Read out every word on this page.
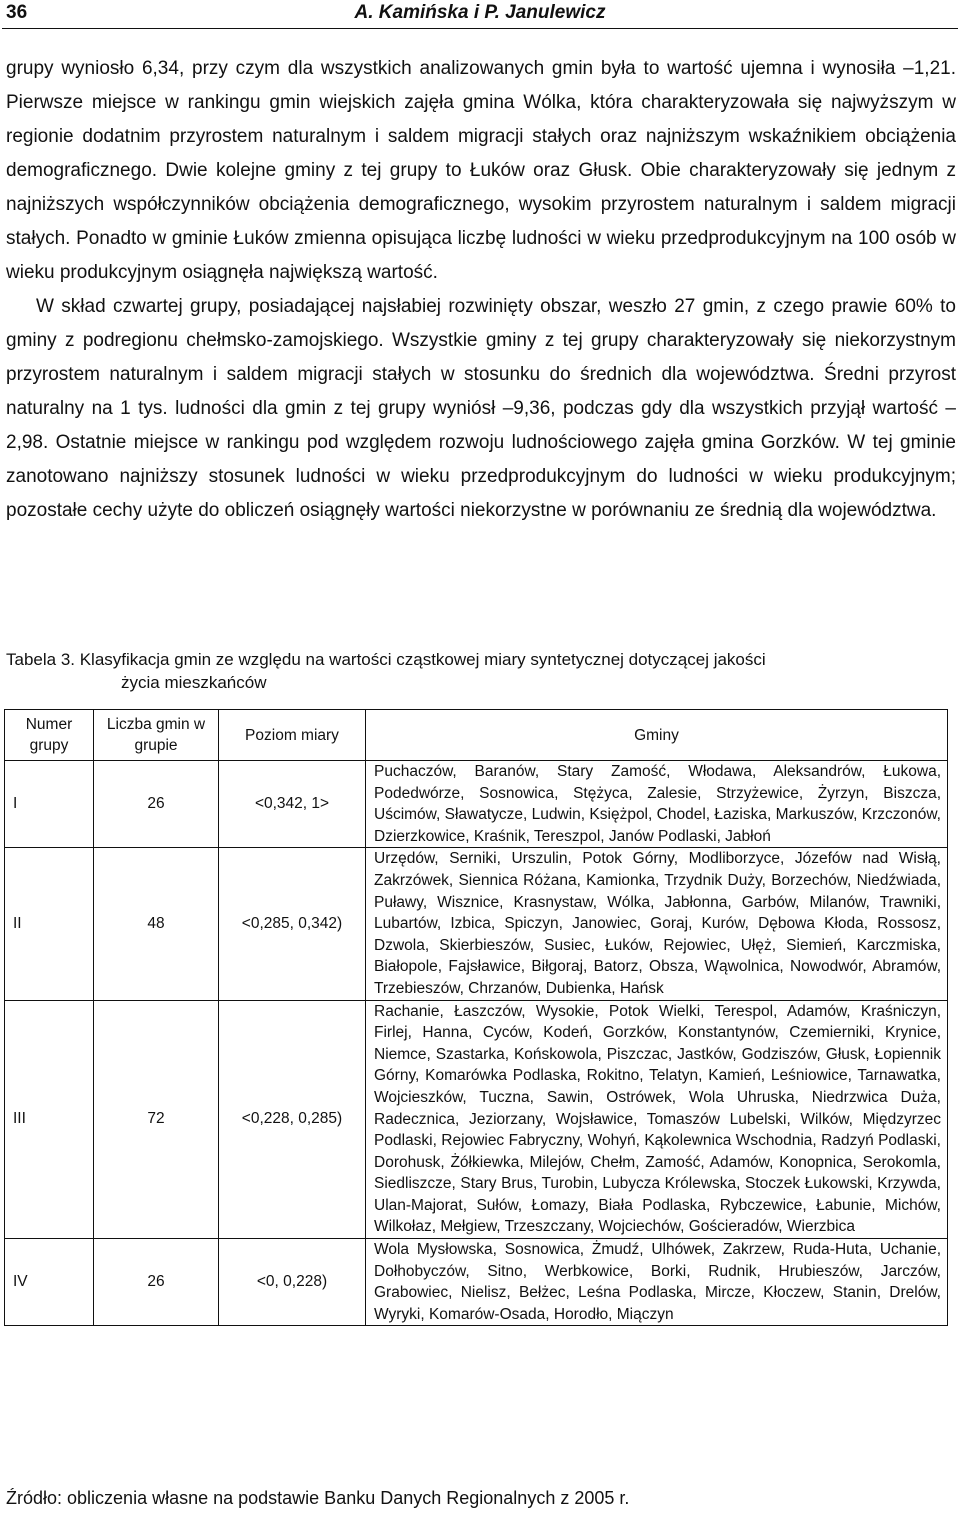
36	A. Kamińska i P. Janulewicz

grupy wyniosło 6,34, przy czym dla wszystkich analizowanych gmin była to wartość ujemna i wynosiła –1,21. Pierwsze miejsce w rankingu gmin wiejskich zajęła gmina Wólka, która charakteryzowała się najwyższym w regionie dodatnim przyrostem naturalnym i saldem migracji stałych oraz najniższym wskaźnikiem obciążenia demograficznego. Dwie kolejne gminy z tej grupy to Łuków oraz Głusk. Obie charakteryzowały się jednym z najniższych współczynników obciążenia demograficznego, wysokim przyrostem naturalnym i saldem migracji stałych. Ponadto w gminie Łuków zmienna opisująca liczbę ludności w wieku przedprodukcyjnym na 100 osób w wieku produkcyjnym osiągnęła największą wartość.

W skład czwartej grupy, posiadającej najsłabiej rozwinięty obszar, weszło 27 gmin, z czego prawie 60% to gminy z podregionu chełmsko-zamojskiego. Wszystkie gminy z tej grupy charakteryzowały się niekorzystnym przyrostem naturalnym i saldem migracji stałych w stosunku do średnich dla województwa. Średni przyrost naturalny na 1 tys. ludności dla gmin z tej grupy wyniósł –9,36, podczas gdy dla wszystkich przyjął wartość –2,98. Ostatnie miejsce w rankingu pod względem rozwoju ludnościowego zajęła gmina Gorzków. W tej gminie zanotowano najniższy stosunek ludności w wieku przedprodukcyjnym do ludności w wieku produkcyjnym; pozostałe cechy użyte do obliczeń osiągnęły wartości niekorzystne w porównaniu ze średnią dla województwa.

Tabela 3. Klasyfikacja gmin ze względu na wartości cząstkowej miary syntetycznej dotyczącej jakości
życia mieszkańców
Numer grupy	Liczba gmin w grupie	Poziom miary	Gminy
I	26	<0,342, 1>	Puchaczów, Baranów, Stary Zamość, Włodawa, Aleksandrów, Łukowa, Podedwórze, Sosnowica, Stężyca, Zalesie, Strzyżewice, Żyrzyn, Biszcza, Uścimów, Sławatycze, Ludwin, Księżpol, Chodel, Łaziska, Markuszów, Krzczonów, Dzierzkowice, Kraśnik, Tereszpol, Janów Podlaski, Jabłoń
II	48	<0,285, 0,342)	Urzędów, Serniki, Urszulin, Potok Górny, Modliborzyce, Józefów nad Wisłą, Zakrzówek, Siennica Różana, Kamionka, Trzydnik Duży, Borzechów, Niedźwiada, Puławy, Wisznice, Krasnystaw, Wólka, Jabłonna, Garbów, Milanów, Trawniki, Lubartów, Izbica, Spiczyn, Janowiec, Goraj, Kurów, Dębowa Kłoda, Rossosz, Dzwola, Skierbieszów, Susiec, Łuków, Rejowiec, Ułęż, Siemień, Karczmiska, Białopole, Fajsławice, Biłgoraj, Batorz, Obsza, Wąwolnica, Nowodwór, Abramów, Trzebieszów, Chrzanów, Dubienka, Hańsk
III	72	<0,228, 0,285)	Rachanie, Łaszczów, Wysokie, Potok Wielki, Terespol, Adamów, Kraśniczyn, Firlej, Hanna, Cyców, Kodeń, Gorzków, Konstantynów, Czemierniki, Krynice, Niemce, Szastarka, Końskowola, Piszczac, Jastków, Godziszów, Głusk, Łopiennik Górny, Komarówka Podlaska, Rokitno, Telatyn, Kamień, Leśniowice, Tarnawatka, Wojcieszków, Tuczna, Sawin, Ostrówek, Wola Uhruska, Niedrzwica Duża, Radecznica, Jeziorzany, Wojsławice, Tomaszów Lubelski, Wilków, Międzyrzec Podlaski, Rejowiec Fabryczny, Wohyń, Kąkolewnica Wschodnia, Radzyń Podlaski, Dorohusk, Żółkiewka, Milejów, Chełm, Zamość, Adamów, Konopnica, Serokomla, Siedliszcze, Stary Brus, Turobin, Lubycza Królewska, Stoczek Łukowski, Krzywda, Ulan-Majorat, Sułów, Łomazy, Biała Podlaska, Rybczewice, Łabunie, Michów, Wilkołaz, Mełgiew, Trzeszczany, Wojciechów, Gościeradów, Wierzbica
IV	26	<0, 0,228)	Wola Mysłowska, Sosnowica, Żmudź, Ulhówek, Zakrzew, Ruda-Huta, Uchanie, Dołhobyczów, Sitno, Werbkowice, Borki, Rudnik, Hrubieszów, Jarczów, Grabowiec, Nielisz, Bełżec, Leśna Podlaska, Mircze, Kłoczew, Stanin, Drelów, Wyryki, Komarów-Osada, Horodło, Miączyn
Źródło: obliczenia własne na podstawie Banku Danych Regionalnych z 2005 r.
